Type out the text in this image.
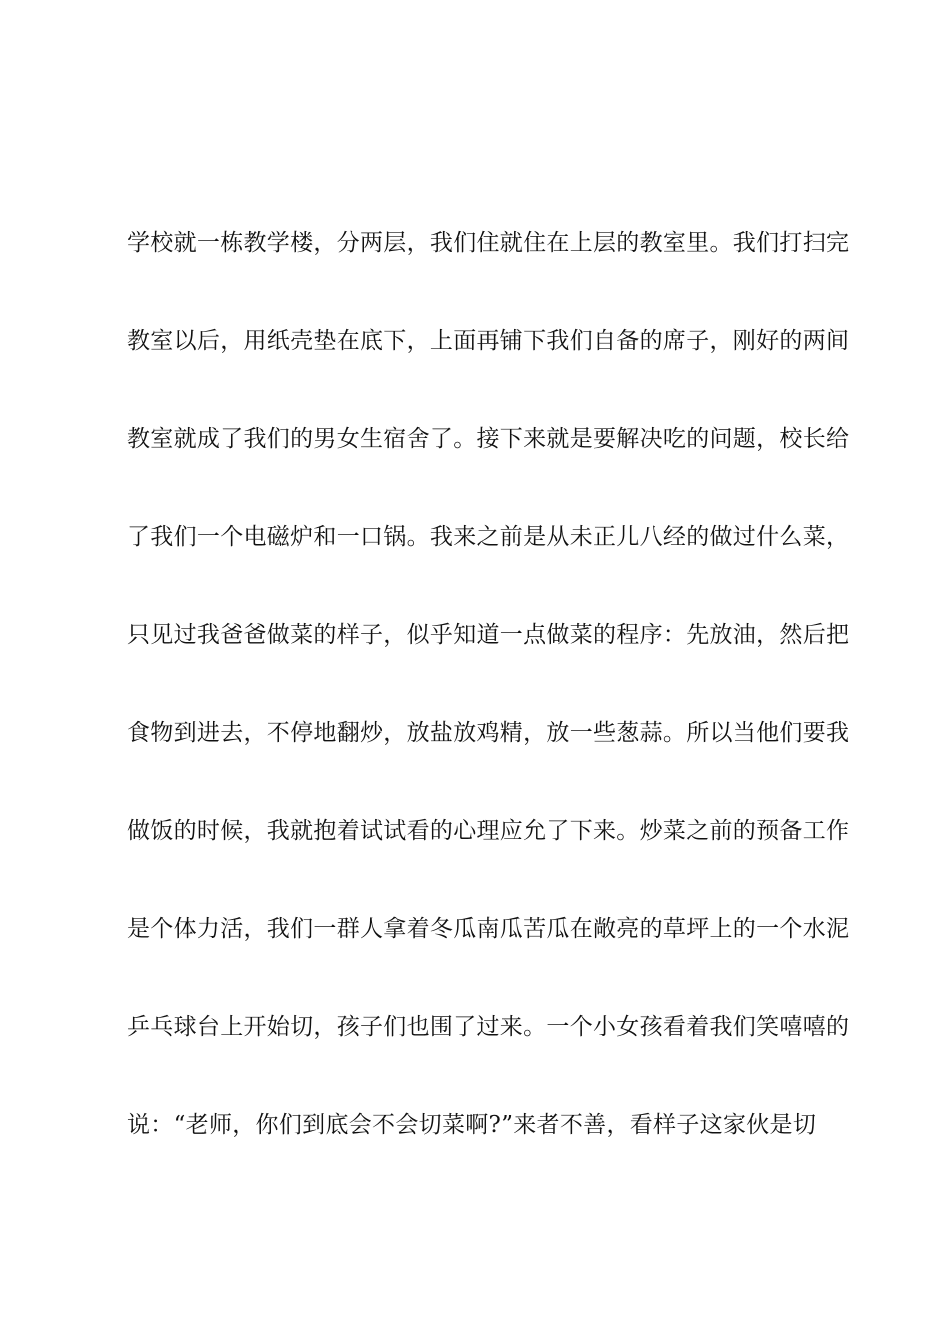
学校就一栋教学楼，分两层，我们住就住在上层的教室里。我们打扫完
教室以后，用纸壳垫在底下，上面再铺下我们自备的席子，刚好的两间
教室就成了我们的男女生宿舍了。接下来就是要解决吃的问题，校长给
了我们一个电磁炉和一口锅。我来之前是从未正儿八经的做过什么菜，
只见过我爸爸做菜的样子，似乎知道一点做菜的程序：先放油，然后把
食物到进去，不停地翻炒，放盐放鸡精，放一些葱蒜。所以当他们要我
做饭的时候，我就抱着试试看的心理应允了下来。炒菜之前的预备工作
是个体力活，我们一群人拿着冬瓜南瓜苦瓜在敞亮的草坪上的一个水泥
乒乓球台上开始切，孩子们也围了过来。一个小女孩看着我们笑嘻嘻的
说：“老师，你们到底会不会切菜啊?”来者不善，看样子这家伙是切
